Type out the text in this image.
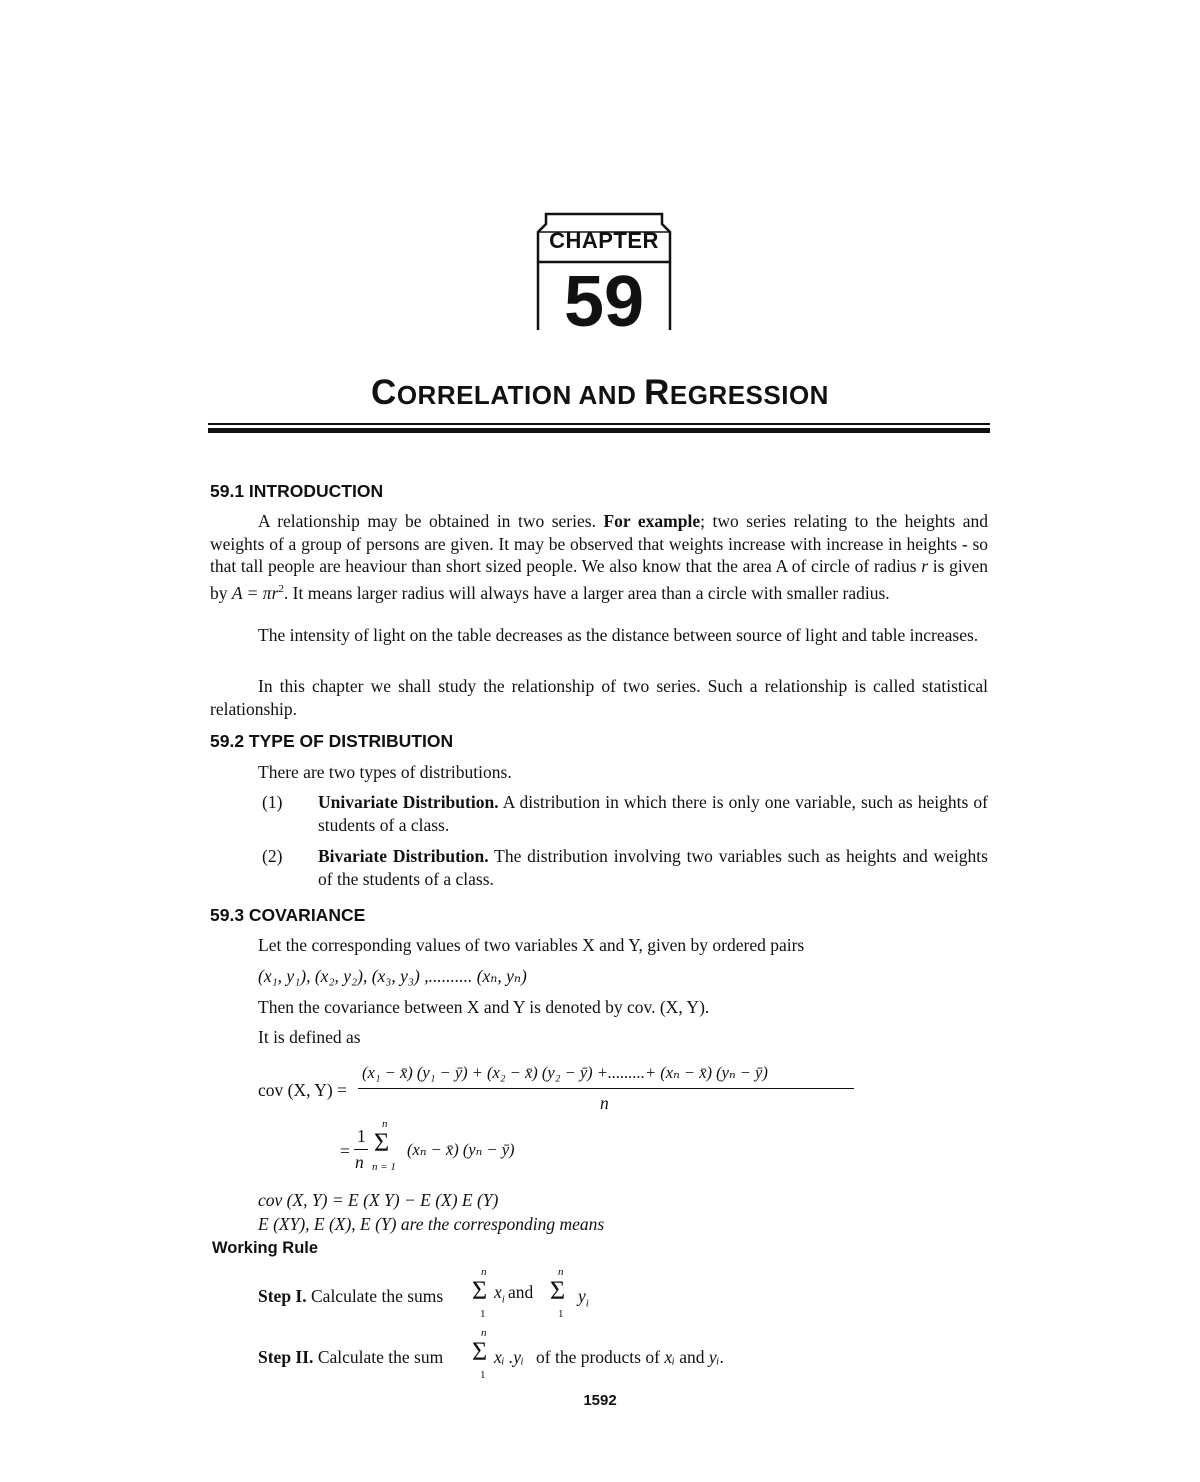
CHAPTER
59
CORRELATION AND REGRESSION
59.1 INTRODUCTION
A relationship may be obtained in two series. For example; two series relating to the heights and weights of a group of persons are given. It may be observed that weights increase with increase in heights - so that tall people are heaviour than short sized people. We also know that the area A of circle of radius r is given by $A = \pi r^2$. It means larger radius will always have a larger area than a circle with smaller radius.
The intensity of light on the table decreases as the distance between source of light and table increases.
In this chapter we shall study the relationship of two series. Such a relationship is called statistical relationship.
59.2 TYPE OF DISTRIBUTION
There are two types of distributions.
(1) Univariate Distribution. A distribution in which there is only one variable, such as heights of students of a class.
(2) Bivariate Distribution. The distribution involving two variables such as heights and weights of the students of a class.
59.3 COVARIANCE
Let the corresponding values of two variables X and Y, given by ordered pairs
(x₁, y₁), (x₂, y₂), (x₃, y₃) ,.......... (xₙ, yₙ)
Then the covariance between X and Y is denoted by cov. (X, Y).
It is defined as
cov (X, Y) =
(x₁ − x̄) (y₁ − ȳ) + (x₂ − x̄) (y₂ − ȳ) +.........+ (xₙ − x̄) (yₙ − ȳ)
n
=
1
n
n
Σ
n = 1
(xₙ − x̄) (yₙ − ȳ)
cov (X, Y) = E (X Y) − E (X) E (Y)
E (XY), E (X), E (Y) are the corresponding means
Working Rule
Step I. Calculate the sums
n
Σ
1
$x_i$ and
n
Σ
1
$y_i$
Step II. Calculate the sum
n
Σ
1
xᵢ .yᵢ of the products of xᵢ and yᵢ.
1592
